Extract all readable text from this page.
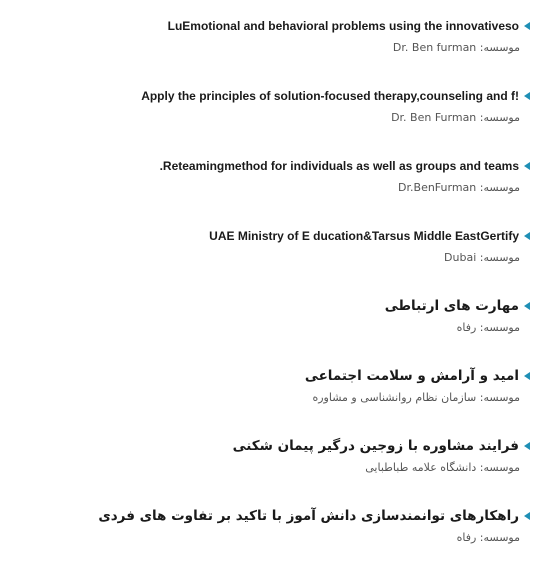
LuEmotional and behavioral problems using the innovativeso
موسسه: Dr. Ben furman
Apply the principles of solution-focused therapy,counseling and f!
موسسه: Dr. Ben Furman
.Reteamingmethod for individuals as well as groups and teams
موسسه: Dr.BenFurman
UAE Ministry of E ducation&Tarsus Middle EastGertify
موسسه: Dubai
مهارت های ارتباطی
موسسه: رفاه
امید و آرامش و سلامت اجتماعی
موسسه: سازمان نظام روانشناسی و مشاوره
فرایند مشاوره با زوجین درگیر پیمان شکنی
موسسه: دانشگاه علامه طباطبایی
راهکارهای توانمندسازی دانش آموز با تاکید بر تفاوت های فردی
موسسه: رفاه
